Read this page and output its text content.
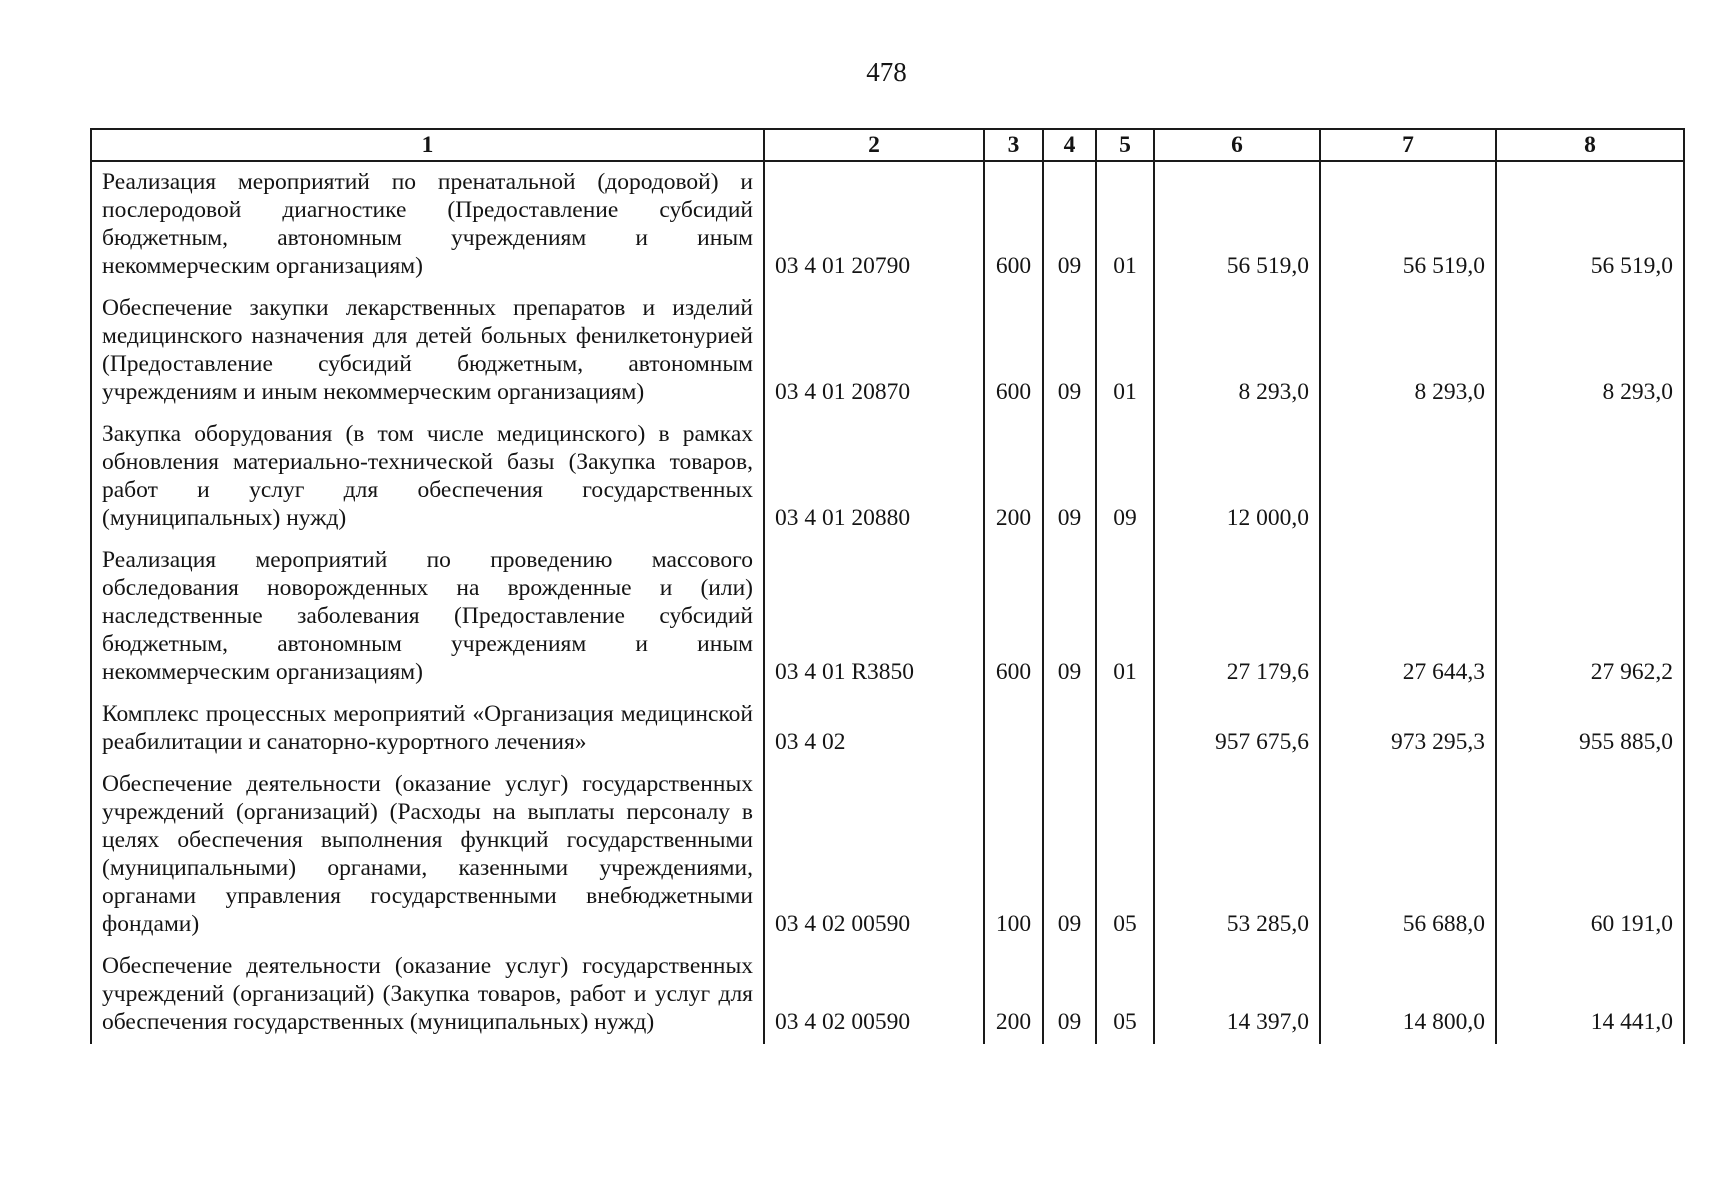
478
1	2	3	4	5	6	7	8
Реализация мероприятий по пренатальной (дородовой) и послеродовой диагностике (Предоставление субсидий бюджетным, автономным учреждениям и иным некоммерческим организациям)	03 4 01 20790	600	09	01	56 519,0	56 519,0	56 519,0
Обеспечение закупки лекарственных препаратов и изделий медицинского назначения для детей больных фенилкетонурией (Предоставление субсидий бюджетным, автономным учреждениям и иным некоммерческим организациям)	03 4 01 20870	600	09	01	8 293,0	8 293,0	8 293,0
Закупка оборудования (в том числе медицинского) в рамках обновления материально-технической базы (Закупка товаров, работ и услуг для обеспечения государственных (муниципальных) нужд)	03 4 01 20880	200	09	09	12 000,0		
Реализация мероприятий по проведению массового обследования новорожденных на врожденные и (или) наследственные заболевания (Предоставление субсидий бюджетным, автономным учреждениям и иным некоммерческим организациям)	03 4 01 R3850	600	09	01	27 179,6	27 644,3	27 962,2
Комплекс процессных мероприятий «Организация медицинской реабилитации и санаторно-курортного лечения»	03 4 02				957 675,6	973 295,3	955 885,0
Обеспечение деятельности (оказание услуг) государственных учреждений (организаций) (Расходы на выплаты персоналу в целях обеспечения выполнения функций государственными (муниципальными) органами, казенными учреждениями, органами управления государственными внебюджетными фондами)	03 4 02 00590	100	09	05	53 285,0	56 688,0	60 191,0
Обеспечение деятельности (оказание услуг) государственных учреждений (организаций) (Закупка товаров, работ и услуг для обеспечения государственных (муниципальных) нужд)	03 4 02 00590	200	09	05	14 397,0	14 800,0	14 441,0
